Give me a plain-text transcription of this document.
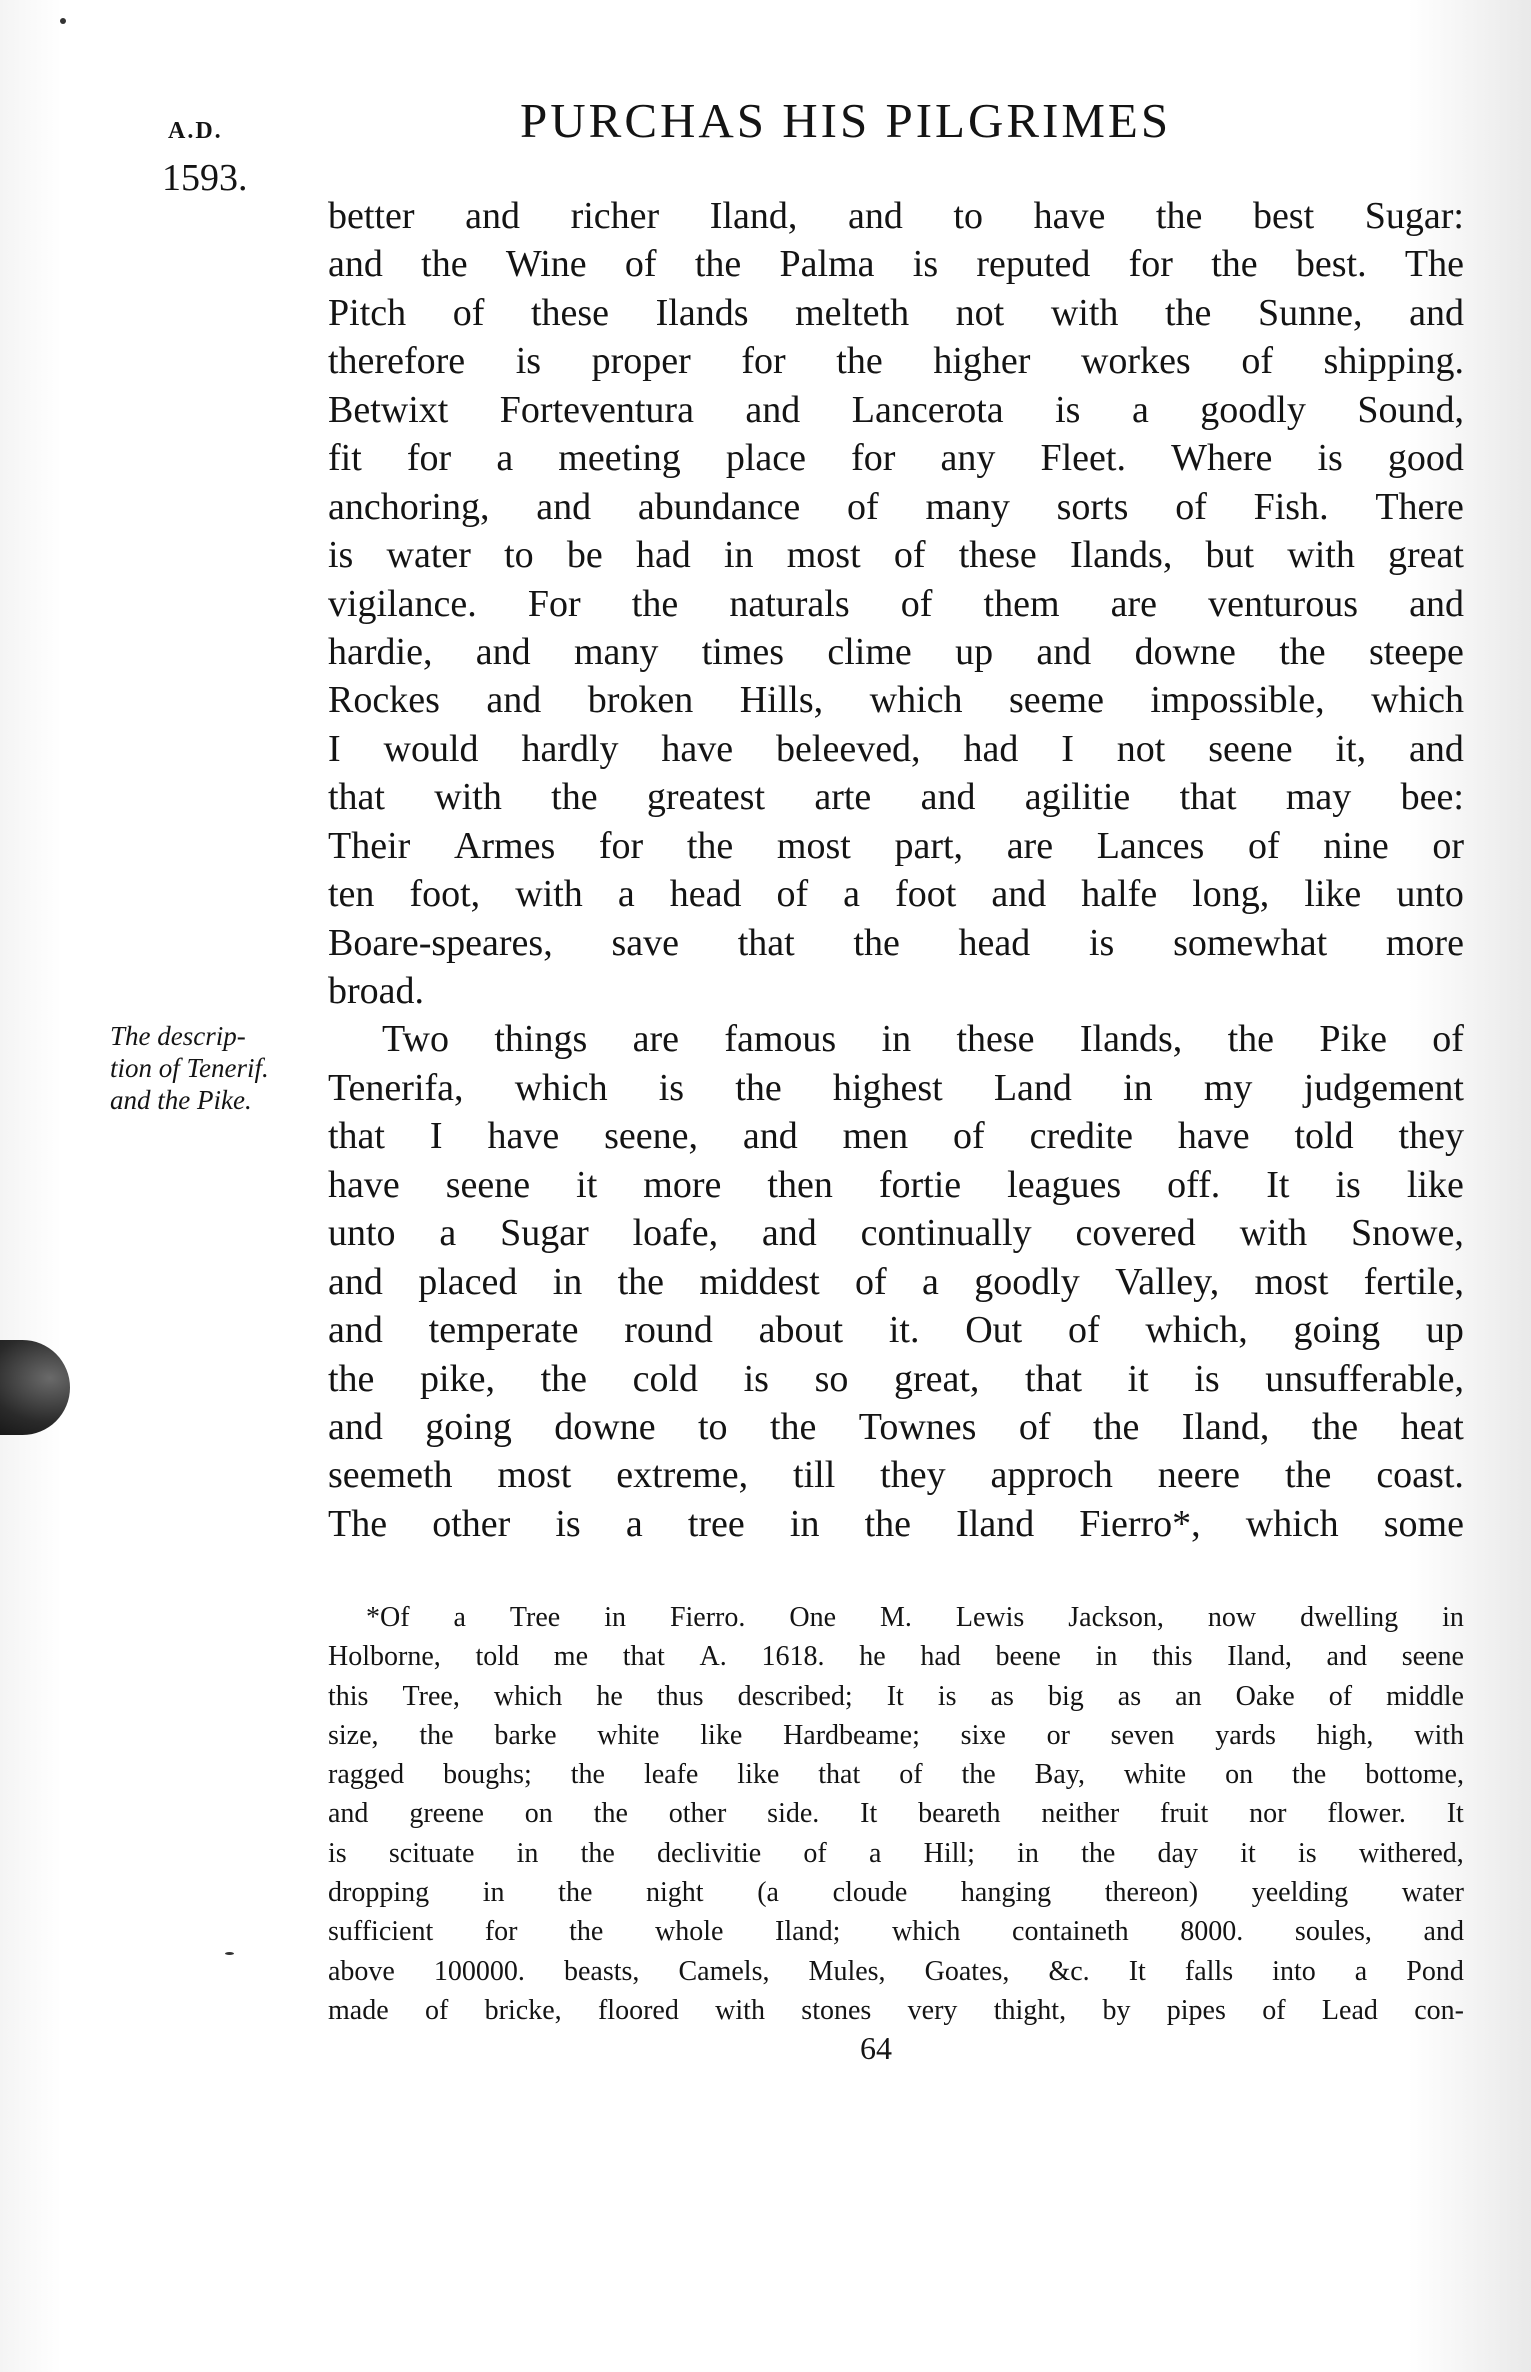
A.D.
1593.
PURCHAS HIS PILGRIMES
better and richer Iland, and to have the best Sugar:
and the Wine of the Palma is reputed for the best. The
Pitch of these Ilands melteth not with the Sunne, and
therefore is proper for the higher workes of shipping.
Betwixt Forteventura and Lancerota is a goodly Sound,
fit for a meeting place for any Fleet. Where is good
anchoring, and abundance of many sorts of Fish. There
is water to be had in most of these Ilands, but with great
vigilance. For the naturals of them are venturous and
hardie, and many times clime up and downe the steepe
Rockes and broken Hills, which seeme impossible, which
I would hardly have beleeved, had I not seene it, and
that with the greatest arte and agilitie that may bee:
Their Armes for the most part, are Lances of nine or
ten foot, with a head of a foot and halfe long, like unto
Boare-speares, save that the head is somewhat more
broad.
Two things are famous in these Ilands, the Pike of
Tenerifa, which is the highest Land in my judgement
that I have seene, and men of credite have told they
have seene it more then fortie leagues off. It is like
unto a Sugar loafe, and continually covered with Snowe,
and placed in the middest of a goodly Valley, most fertile,
and temperate round about it. Out of which, going up
the pike, the cold is so great, that it is unsufferable,
and going downe to the Townes of the Iland, the heat
seemeth most extreme, till they approch neere the coast.
The other is a tree in the Iland Fierro*, which some
The descrip-
tion of Tenerif.
and the Pike.
*Of a Tree in Fierro. One M. Lewis Jackson, now dwelling in
Holborne, told me that A. 1618. he had beene in this Iland, and seene
this Tree, which he thus described; It is as big as an Oake of middle
size, the barke white like Hardbeame; sixe or seven yards high, with
ragged boughs; the leafe like that of the Bay, white on the bottome,
and greene on the other side. It beareth neither fruit nor flower. It
is scituate in the declivitie of a Hill; in the day it is withered,
dropping in the night (a cloude hanging thereon) yeelding water
sufficient for the whole Iland; which containeth 8000. soules, and
above 100000. beasts, Camels, Mules, Goates, &c. It falls into a Pond
made of bricke, floored with stones very thight, by pipes of Lead con-
64
